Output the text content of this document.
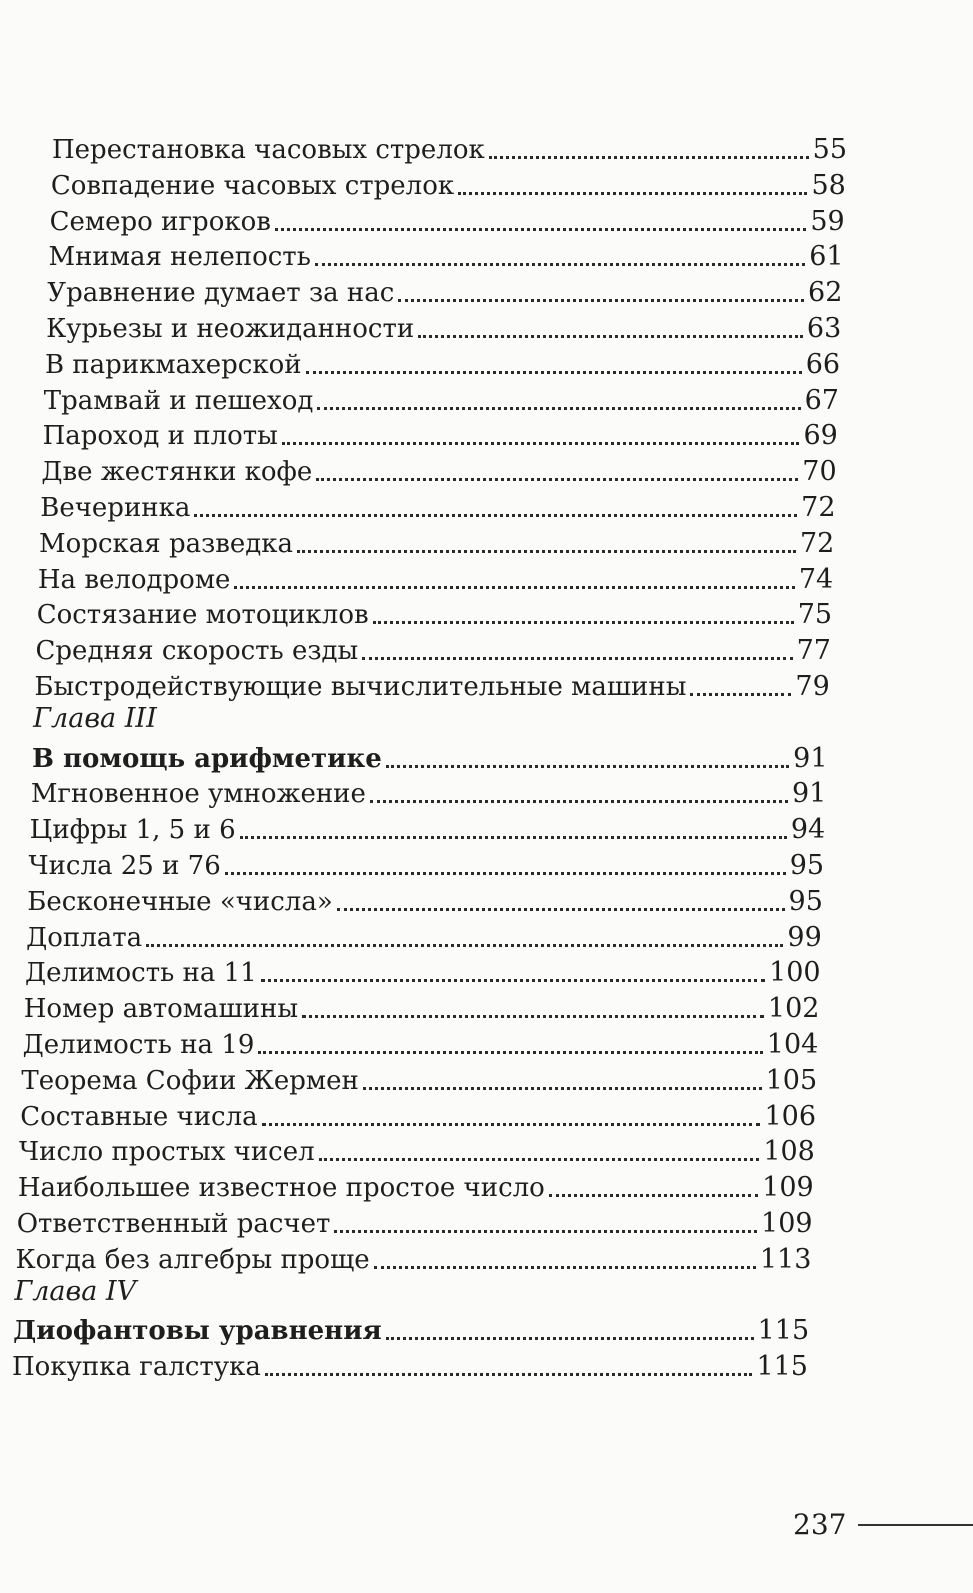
Перестановка часовых стрелок	55
Совпадение часовых стрелок	58
Семеро игроков	59
Мнимая нелепость	61
Уравнение думает за нас	62
Курьезы и неожиданности	63
В парикмахерской	66
Трамвай и пешеход	67
Пароход и плоты	69
Две жестянки кофе	70
Вечеринка	72
Морская разведка	72
На велодроме	74
Состязание мотоциклов	75
Средняя скорость езды	77
Быстродействующие вычислительные машины	79
Глава III
В помощь арифметике	91
Мгновенное умножение	91
Цифры 1, 5 и 6	94
Числа 25 и 76	95
Бесконечные «числа»	95
Доплата	99
Делимость на 11	100
Номер автомашины	102
Делимость на 19	104
Теорема Софии Жермен	105
Составные числа	106
Число простых чисел	108
Наибольшее известное простое число	109
Ответственный расчет	109
Когда без алгебры проще	113
Глава IV
Диофантовы уравнения	115
Покупка галстука	115
237
